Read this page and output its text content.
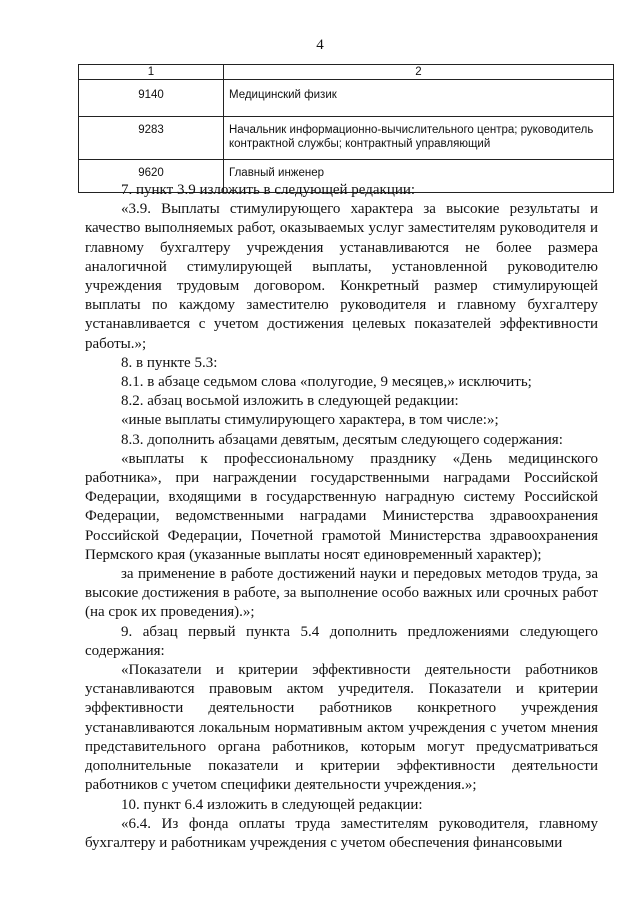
4
1	2
9140	Медицинский физик
9283	Начальник информационно-вычислительного центра; руководитель контрактной службы; контрактный управляющий
9620	Главный инженер

7. пункт 3.9 изложить в следующей редакции:

«3.9. Выплаты стимулирующего характера за высокие результаты и качество выполняемых работ, оказываемых услуг заместителям руководителя и главному бухгалтеру учреждения устанавливаются не более размера аналогичной стимулирующей выплаты, установленной руководителю учреждения трудовым договором. Конкретный размер стимулирующей выплаты по каждому заместителю руководителя и главному бухгалтеру устанавливается с учетом достижения целевых показателей эффективности работы.»;

8. в пункте 5.3:

8.1. в абзаце седьмом слова «полугодие, 9 месяцев,» исключить;

8.2. абзац восьмой изложить в следующей редакции:

«иные выплаты стимулирующего характера, в том числе:»;

8.3. дополнить абзацами девятым, десятым следующего содержания:

«выплаты к профессиональному празднику «День медицинского работника», при награждении государственными наградами Российской Федерации, входящими в государственную наградную систему Российской Федерации, ведомственными наградами Министерства здравоохранения Российской Федерации, Почетной грамотой Министерства здравоохранения Пермского края (указанные выплаты носят единовременный характер);

за применение в работе достижений науки и передовых методов труда, за высокие достижения в работе, за выполнение особо важных или срочных работ (на срок их проведения).»;

9. абзац первый пункта 5.4 дополнить предложениями следующего содержания:

«Показатели и критерии эффективности деятельности работников устанавливаются правовым актом учредителя. Показатели и критерии эффективности деятельности работников конкретного учреждения устанавливаются локальным нормативным актом учреждения с учетом мнения представительного органа работников, которым могут предусматриваться дополнительные показатели и критерии эффективности деятельности работников с учетом специфики деятельности учреждения.»;

10. пункт 6.4 изложить в следующей редакции:

«6.4. Из фонда оплаты труда заместителям руководителя, главному бухгалтеру и работникам учреждения с учетом обеспечения финансовыми
